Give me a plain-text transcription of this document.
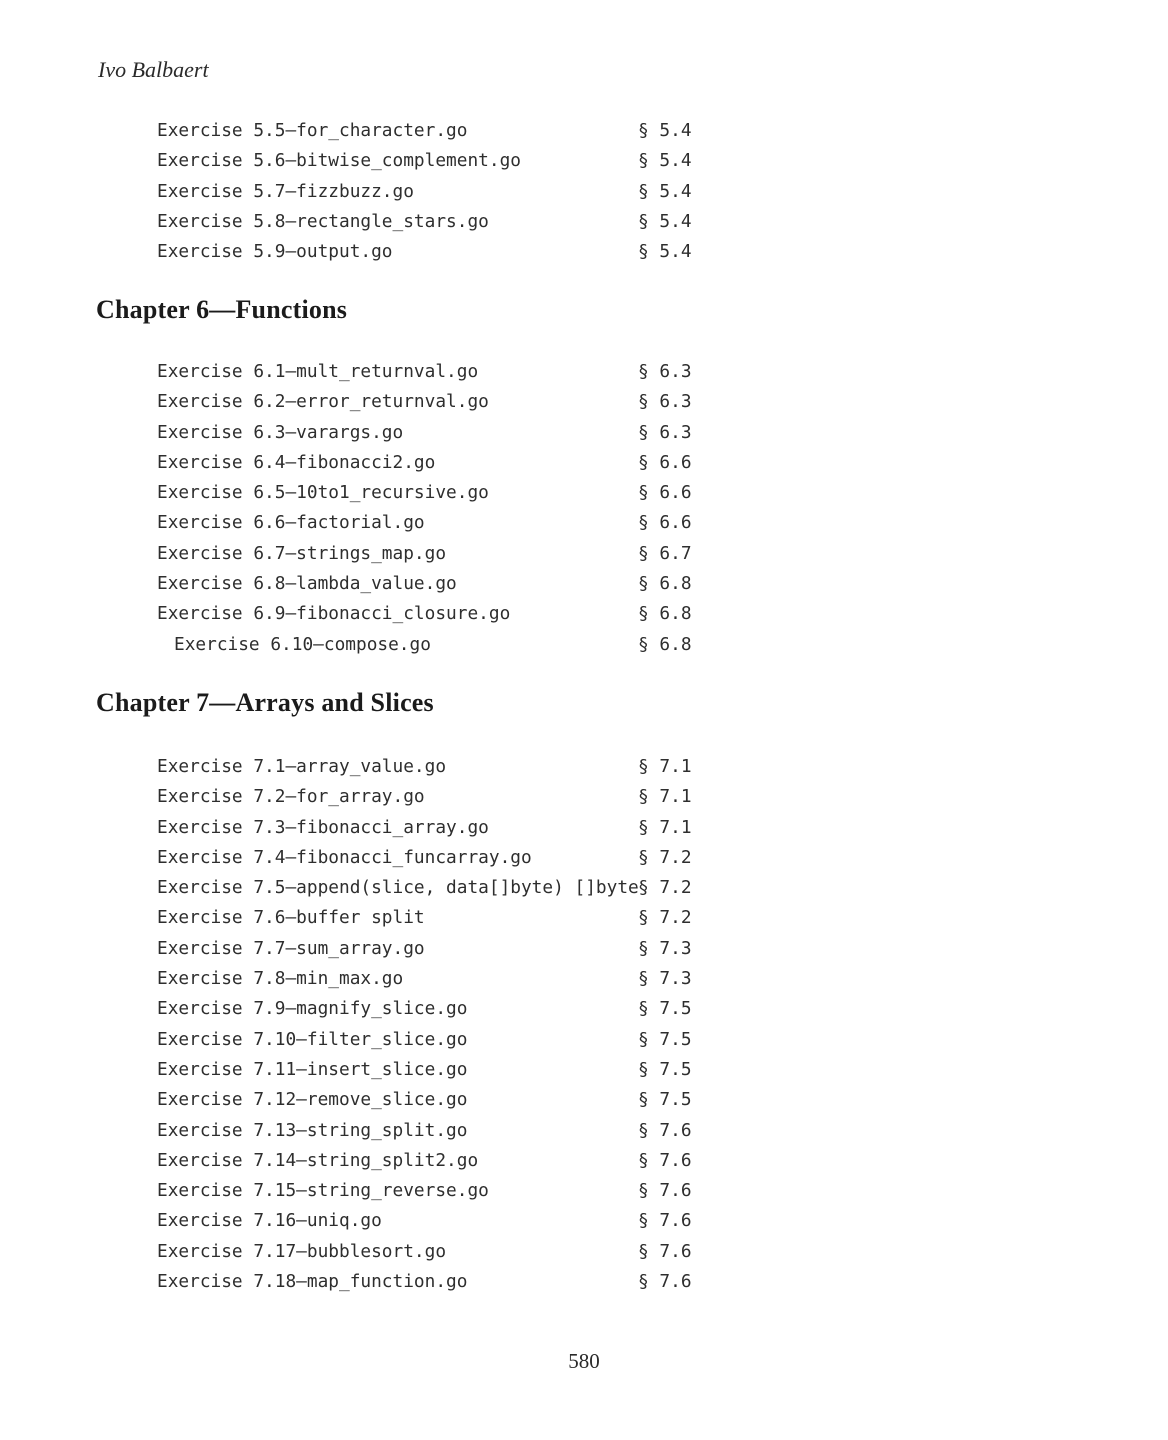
Ivo Balbaert
Exercise 5.5—for_character.go	§ 5.4
Exercise 5.6—bitwise_complement.go	§ 5.4
Exercise 5.7—fizzbuzz.go	§ 5.4
Exercise 5.8—rectangle_stars.go	§ 5.4
Exercise 5.9—output.go	§ 5.4
Chapter 6—Functions
Exercise 6.1—mult_returnval.go	§ 6.3
Exercise 6.2—error_returnval.go	§ 6.3
Exercise 6.3—varargs.go	§ 6.3
Exercise 6.4—fibonacci2.go	§ 6.6
Exercise 6.5—10to1_recursive.go	§ 6.6
Exercise 6.6—factorial.go	§ 6.6
Exercise 6.7—strings_map.go	§ 6.7
Exercise 6.8—lambda_value.go	§ 6.8
Exercise 6.9—fibonacci_closure.go	§ 6.8
Exercise 6.10—compose.go	§ 6.8
Chapter 7—Arrays and Slices
Exercise 7.1—array_value.go	§ 7.1
Exercise 7.2—for_array.go	§ 7.1
Exercise 7.3—fibonacci_array.go	§ 7.1
Exercise 7.4—fibonacci_funcarray.go	§ 7.2
Exercise 7.5—append(slice, data[]byte) []byte § 7.2
Exercise 7.6—buffer split	§ 7.2
Exercise 7.7—sum_array.go	§ 7.3
Exercise 7.8—min_max.go	§ 7.3
Exercise 7.9—magnify_slice.go	§ 7.5
Exercise 7.10—filter_slice.go	§ 7.5
Exercise 7.11—insert_slice.go	§ 7.5
Exercise 7.12—remove_slice.go	§ 7.5
Exercise 7.13—string_split.go	§ 7.6
Exercise 7.14—string_split2.go	§ 7.6
Exercise 7.15—string_reverse.go	§ 7.6
Exercise 7.16—uniq.go	§ 7.6
Exercise 7.17—bubblesort.go	§ 7.6
Exercise 7.18—map_function.go	§ 7.6
580
